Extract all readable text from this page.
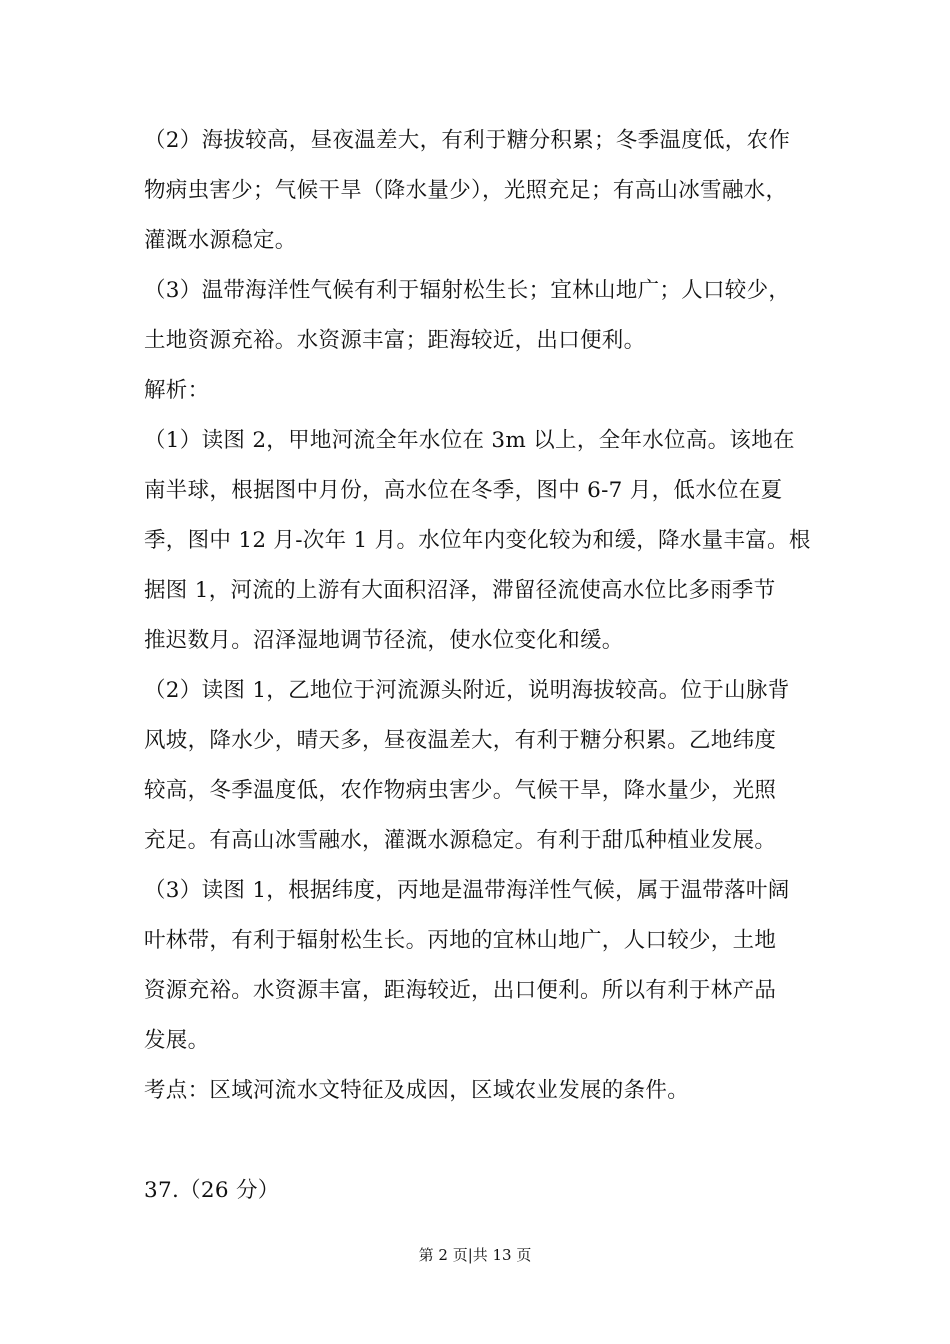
（2）海拔较高，昼夜温差大，有利于糖分积累；冬季温度低，农作
物病虫害少；气候干旱（降水量少），光照充足；有高山冰雪融水，
灌溉水源稳定。
（3）温带海洋性气候有利于辐射松生长；宜林山地广；人口较少，
土地资源充裕。水资源丰富；距海较近，出口便利。
解析：
（1）读图 2，甲地河流全年水位在 3m 以上，全年水位高。该地在
南半球，根据图中月份，高水位在冬季，图中 6-7 月，低水位在夏
季，图中 12 月-次年 1 月。水位年内变化较为和缓，降水量丰富。根
据图 1，河流的上游有大面积沼泽，滞留径流使高水位比多雨季节
推迟数月。沼泽湿地调节径流，使水位变化和缓。
（2）读图 1，乙地位于河流源头附近，说明海拔较高。位于山脉背
风坡，降水少，晴天多，昼夜温差大，有利于糖分积累。乙地纬度
较高，冬季温度低，农作物病虫害少。气候干旱，降水量少，光照
充足。有高山冰雪融水，灌溉水源稳定。有利于甜瓜种植业发展。
（3）读图 1，根据纬度，丙地是温带海洋性气候，属于温带落叶阔
叶林带，有利于辐射松生长。丙地的宜林山地广，人口较少，土地
资源充裕。水资源丰富，距海较近，出口便利。所以有利于林产品
发展。
考点：区域河流水文特征及成因，区域农业发展的条件。
37.（26 分）
第 2 页|共 13 页
